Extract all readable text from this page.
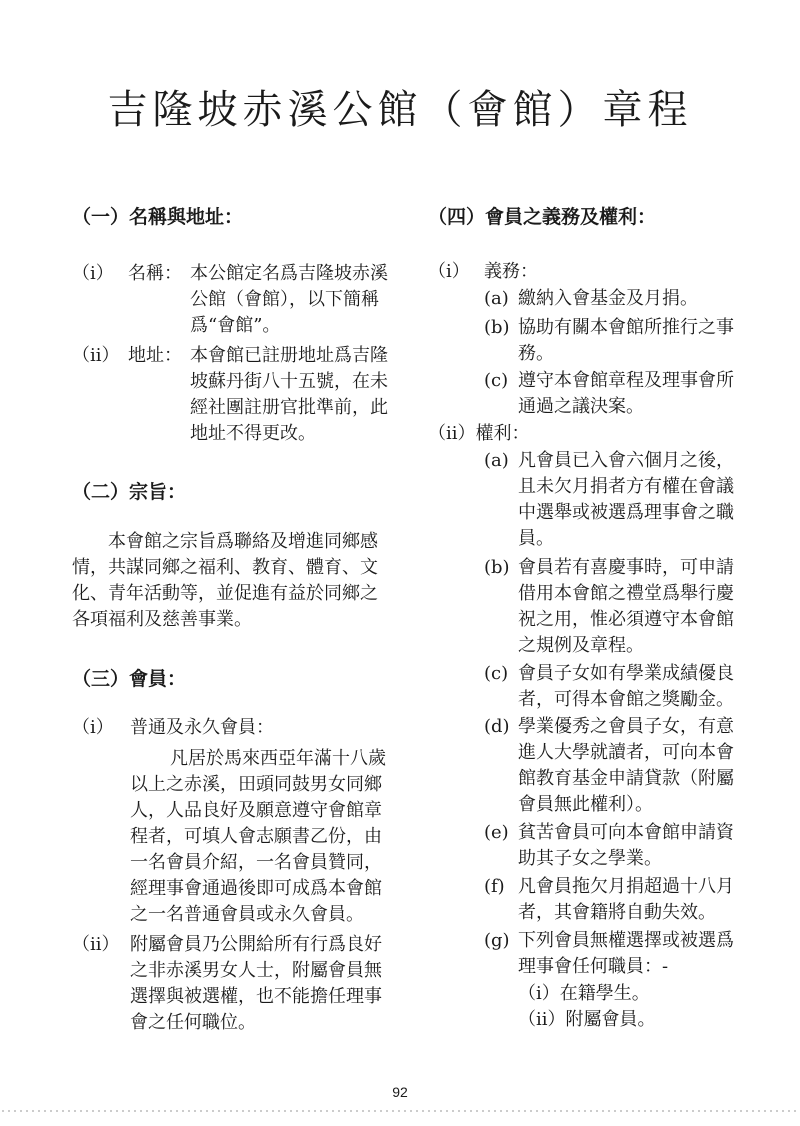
吉隆坡赤溪公館（會館）章程
（一）名稱與地址：
（ⅰ） 名稱： 本公館定名爲吉隆坡赤溪
公館（會館），以下簡稱
爲“會館”。
（ⅱ） 地址： 本會館已註册地址爲吉隆
坡蘇丹街八十五號，在未
經社團註册官批準前，此
地址不得更改。
（二）宗旨：
本會館之宗旨爲聯絡及增進同鄉感
情，共謀同鄉之福利、教育、體育、文
化、青年活動等，並促進有益於同鄉之
各項福利及慈善事業。
（三）會員：
（ⅰ） 普通及永久會員：
凡居於馬來西亞年滿十八歲
以上之赤溪，田頭同鼓男女同鄉
人，人品良好及願意遵守會館章
程者，可填人會志願書乙份，由
一名會員介紹，一名會員贊同，
經理事會通過後即可成爲本會館
之一名普通會員或永久會員。
（ⅱ） 附屬會員乃公開給所有行爲良好
之非赤溪男女人士，附屬會員無
選擇與被選權，也不能擔任理事
會之任何職位。
（四）會員之義務及權利：
（ⅰ） 義務：
(a) 繳納入會基金及月捐。
(b) 協助有關本會館所推行之事
務。
(c) 遵守本會館章程及理事會所
通過之議決案。
（ⅱ）權利：
(a) 凡會員已入會六個月之後，
且未欠月捐者方有權在會議
中選舉或被選爲理事會之職
員。
(b) 會員若有喜慶事時，可申請
借用本會館之禮堂爲舉行慶
祝之用，惟必須遵守本會館
之規例及章程。
(c) 會員子女如有學業成績優良
者，可得本會館之獎勵金。
(d) 學業優秀之會員子女，有意
進人大學就讀者，可向本會
館教育基金申請貸款（附屬
會員無此權利）。
(e) 貧苦會員可向本會館申請資
助其子女之學業。
(f) 凡會員拖欠月捐超過十八月
者，其會籍將自動失效。
(g) 下列會員無權選擇或被選爲
理事會任何職員：-
（ⅰ）在籍學生。
（ⅱ）附屬會員。
92
